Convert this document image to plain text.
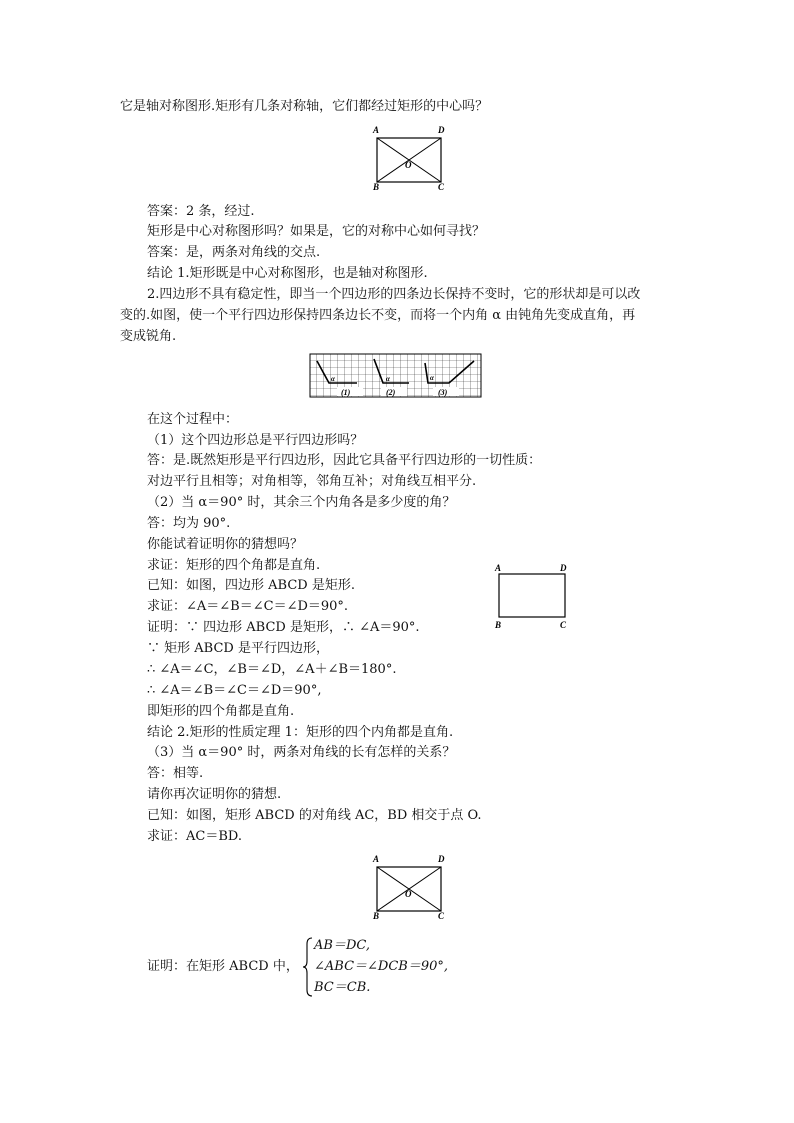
它是轴对称图形.矩形有几条对称轴，它们都经过矩形的中心吗？
A	D
B	C
O
答案：2 条，经过.
矩形是中心对称图形吗？如果是，它的对称中心如何寻找？
答案：是，两条对角线的交点.
结论 1.矩形既是中心对称图形，也是轴对称图形.
2.四边形不具有稳定性，即当一个四边形的四条边长保持不变时，它的形状却是可以改
变的.如图，使一个平行四边形保持四条边长不变，而将一个内角 α 由钝角先变成直角，再
变成锐角.
α	α	α
(1)	(2)	(3)
在这个过程中：
（1）这个四边形总是平行四边形吗？
答：是.既然矩形是平行四边形，因此它具备平行四边形的一切性质：
对边平行且相等；对角相等，邻角互补；对角线互相平分.
（2）当 α＝90° 时，其余三个内角各是多少度的角？
答：均为 90°.
你能试着证明你的猜想吗？
求证：矩形的四个角都是直角.
已知：如图，四边形 ABCD 是矩形.
求证：∠A＝∠B＝∠C＝∠D＝90°.
证明：∵ 四边形 ABCD 是矩形，∴ ∠A＝90°.
∵ 矩形 ABCD 是平行四边形，
∴ ∠A＝∠C，∠B＝∠D，∠A＋∠B＝180°.
∴ ∠A＝∠B＝∠C＝∠D＝90°,
即矩形的四个角都是直角.
A	D
B	C
结论 2.矩形的性质定理 1：矩形的四个内角都是直角.
（3）当 α＝90° 时，两条对角线的长有怎样的关系？
答：相等.
请你再次证明你的猜想.
已知：如图，矩形 ABCD 的对角线 AC，BD 相交于点 O.
求证：AC＝BD.
A	D
B	C
O
证明：在矩形 ABCD 中，
AB＝DC,
∠ABC＝∠DCB＝90°,
BC＝CB.
